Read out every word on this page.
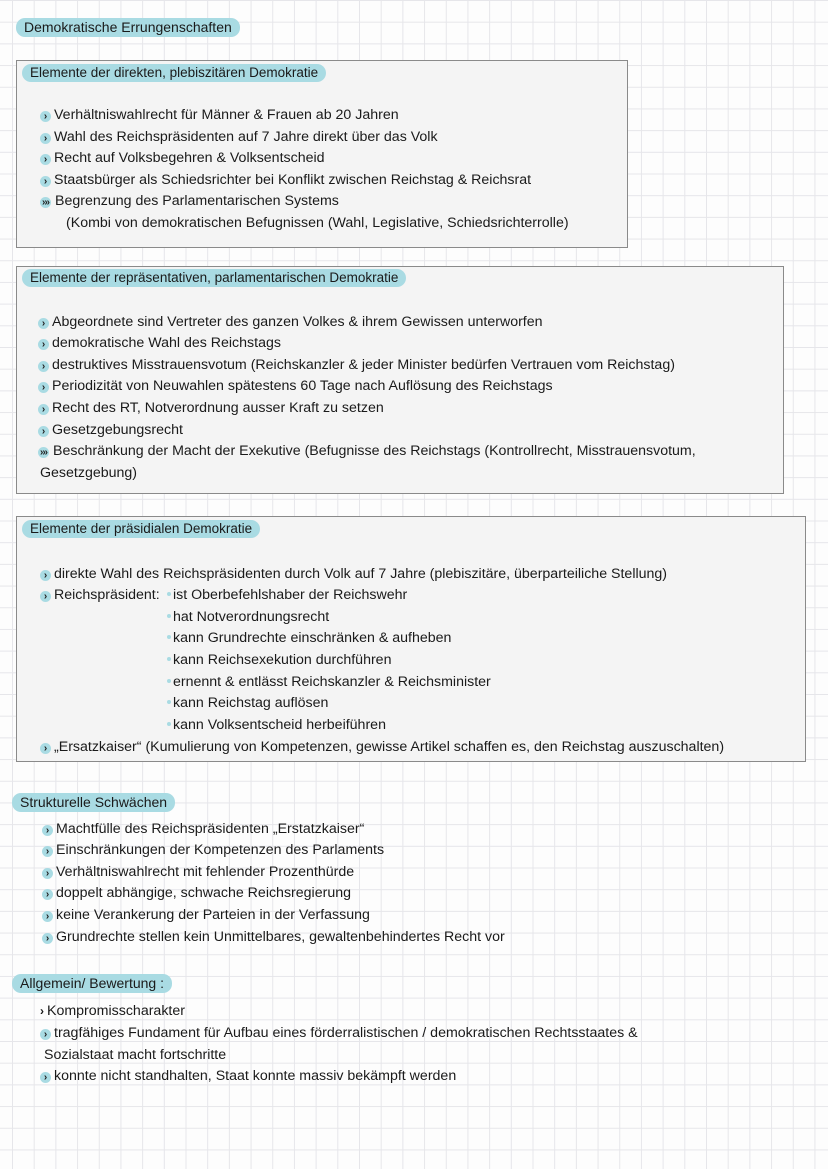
Demokratische Errungenschaften
Elemente der direkten, plebiszitären Demokratie
› Verhältniswahlrecht für Männer & Frauen ab 20 Jahren
› Wahl des Reichspräsidenten auf 7 Jahre direkt über das Volk
› Recht auf Volksbegehren & Volksentscheid
› Staatsbürger als Schiedsrichter bei Konflikt zwischen Reichstag & Reichsrat
››› Begrenzung des Parlamentarischen Systems
(Kombi von demokratischen Befugnissen (Wahl, Legislative, Schiedsrichterrolle)
Elemente der repräsentativen, parlamentarischen Demokratie
› Abgeordnete sind Vertreter des ganzen Volkes & ihrem Gewissen unterworfen
› demokratische Wahl des Reichstags
› destruktives Misstrauensvotum (Reichskanzler & jeder Minister bedürfen Vertrauen vom Reichstag)
› Periodizität von Neuwahlen spätestens 60 Tage nach Auflösung des Reichstags
› Recht des RT, Notverordnung ausser Kraft zu setzen
› Gesetzgebungsrecht
››› Beschränkung der Macht der Exekutive (Befugnisse des Reichstags (Kontrollrecht, Misstrauensvotum,
Gesetzgebung)
Elemente der präsidialen Demokratie
› direkte Wahl des Reichspräsidenten durch Volk auf 7 Jahre (plebiszitäre, überparteiliche Stellung)
› Reichspräsident: ist Oberbefehlshaber der Reichswehr
hat Notverordnungsrecht
kann Grundrechte einschränken & aufheben
kann Reichsexekution durchführen
ernennt & entlässt Reichskanzler & Reichsminister
kann Reichstag auflösen
kann Volksentscheid herbeiführen
› „Ersatzkaiser“ (Kumulierung von Kompetenzen, gewisse Artikel schaffen es, den Reichstag auszuschalten)
Strukturelle Schwächen
› Machtfülle des Reichspräsidenten „Erstatzkaiser“
› Einschränkungen der Kompetenzen des Parlaments
› Verhältniswahlrecht mit fehlender Prozenthürde
› doppelt abhängige, schwache Reichsregierung
› keine Verankerung der Parteien in der Verfassung
› Grundrechte stellen kein Unmittelbares, gewaltenbehindertes Recht vor
Allgemein/ Bewertung :
› Kompromisscharakter
› tragfähiges Fundament für Aufbau eines förderralistischen / demokratischen Rechtsstaates &
Sozialstaat macht fortschritte
› konnte nicht standhalten, Staat konnte massiv bekämpft werden
